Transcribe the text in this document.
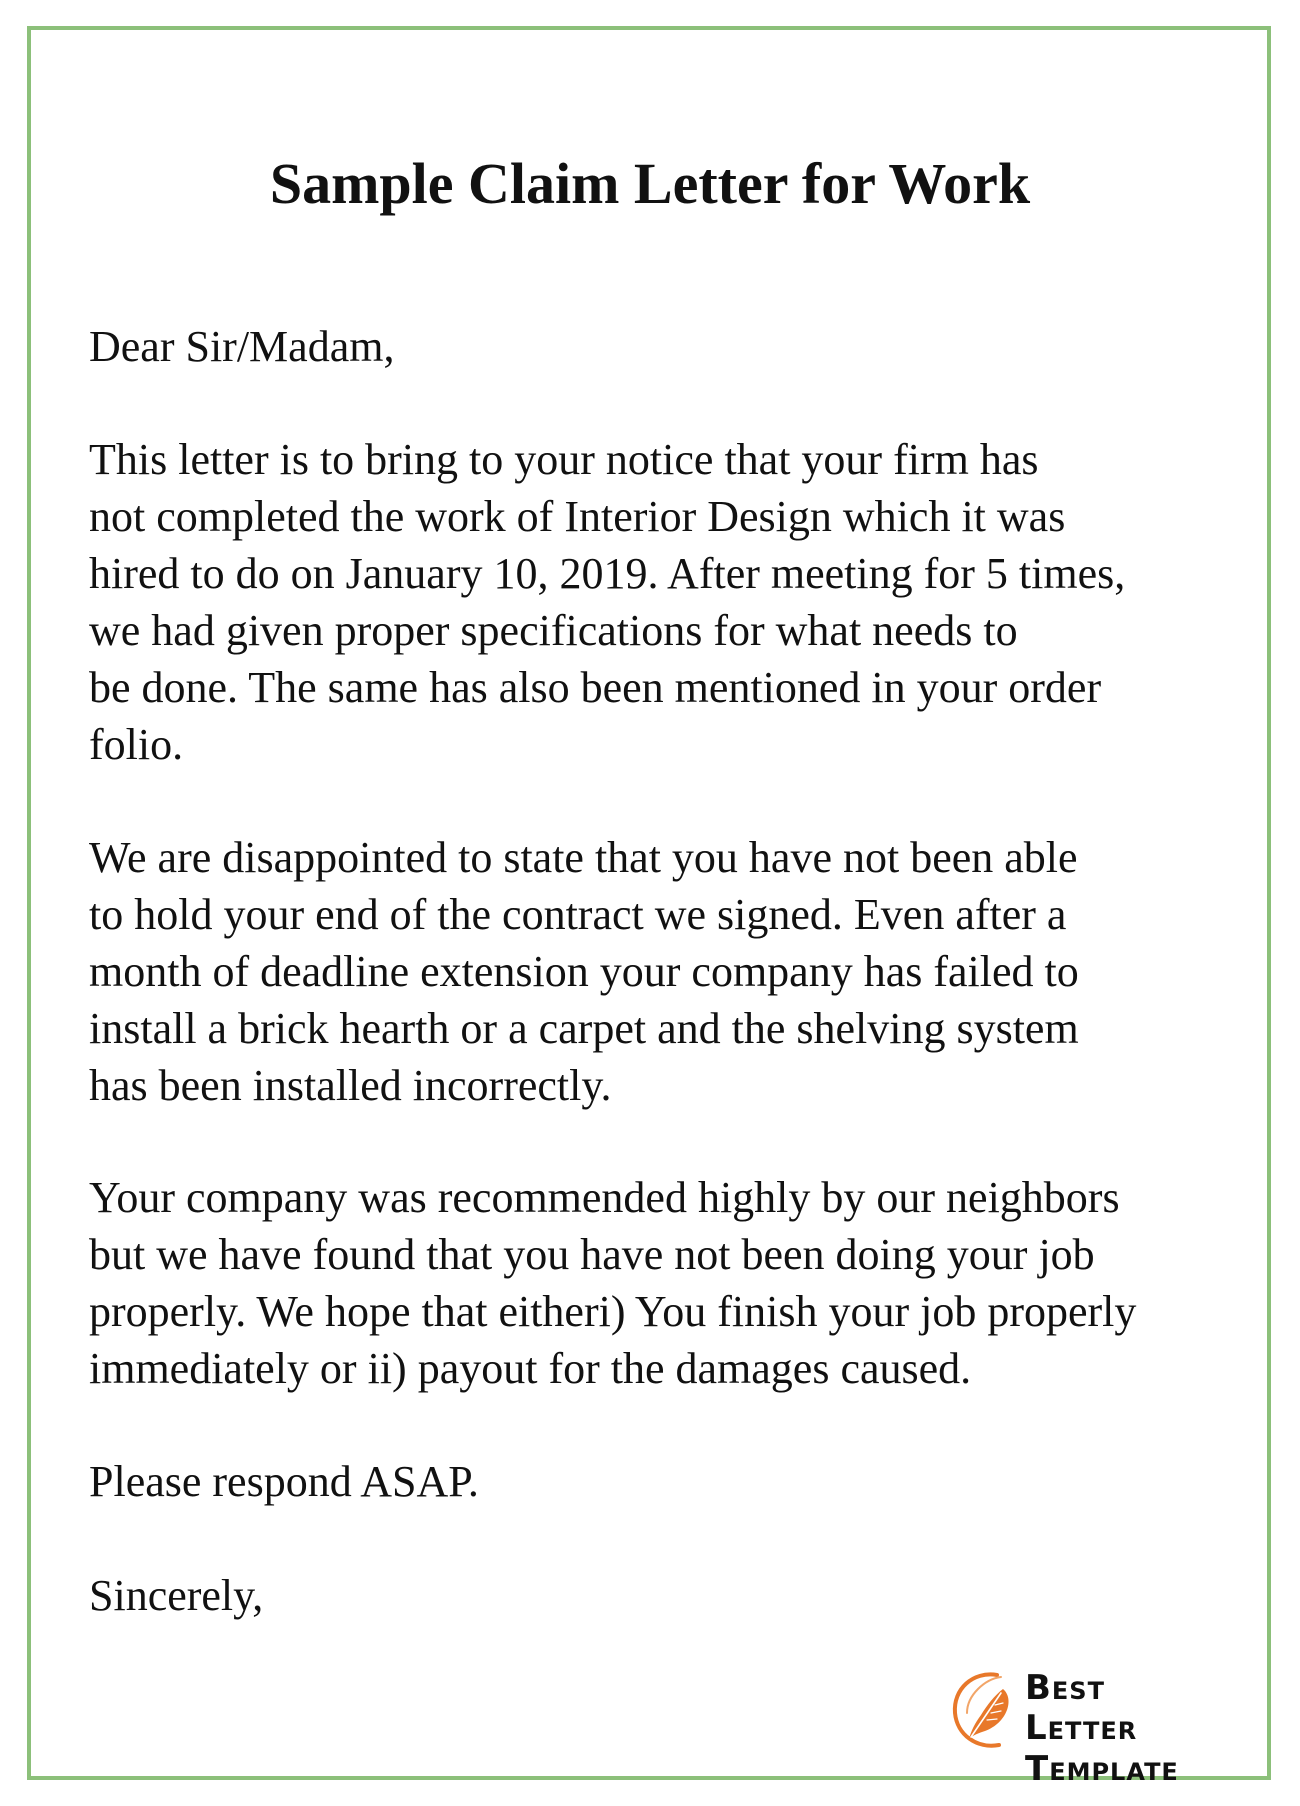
Sample Claim Letter for Work

Dear Sir/Madam,

This letter is to bring to your notice that your firm has
not completed the work of Interior Design which it was
hired to do on January 10, 2019. After meeting for 5 times,
we had given proper specifications for what needs to
be done. The same has also been mentioned in your order
folio.
We are disappointed to state that you have not been able
to hold your end of the contract we signed. Even after a
month of deadline extension your company has failed to
install a brick hearth or a carpet and the shelving system
has been installed incorrectly.
Your company was recommended highly by our neighbors
but we have found that you have not been doing your job
properly. We hope that eitheri) You finish your job properly
immediately or ii) payout for the damages caused.

Please respond ASAP.

Sincerely,

Best Letter
Template
